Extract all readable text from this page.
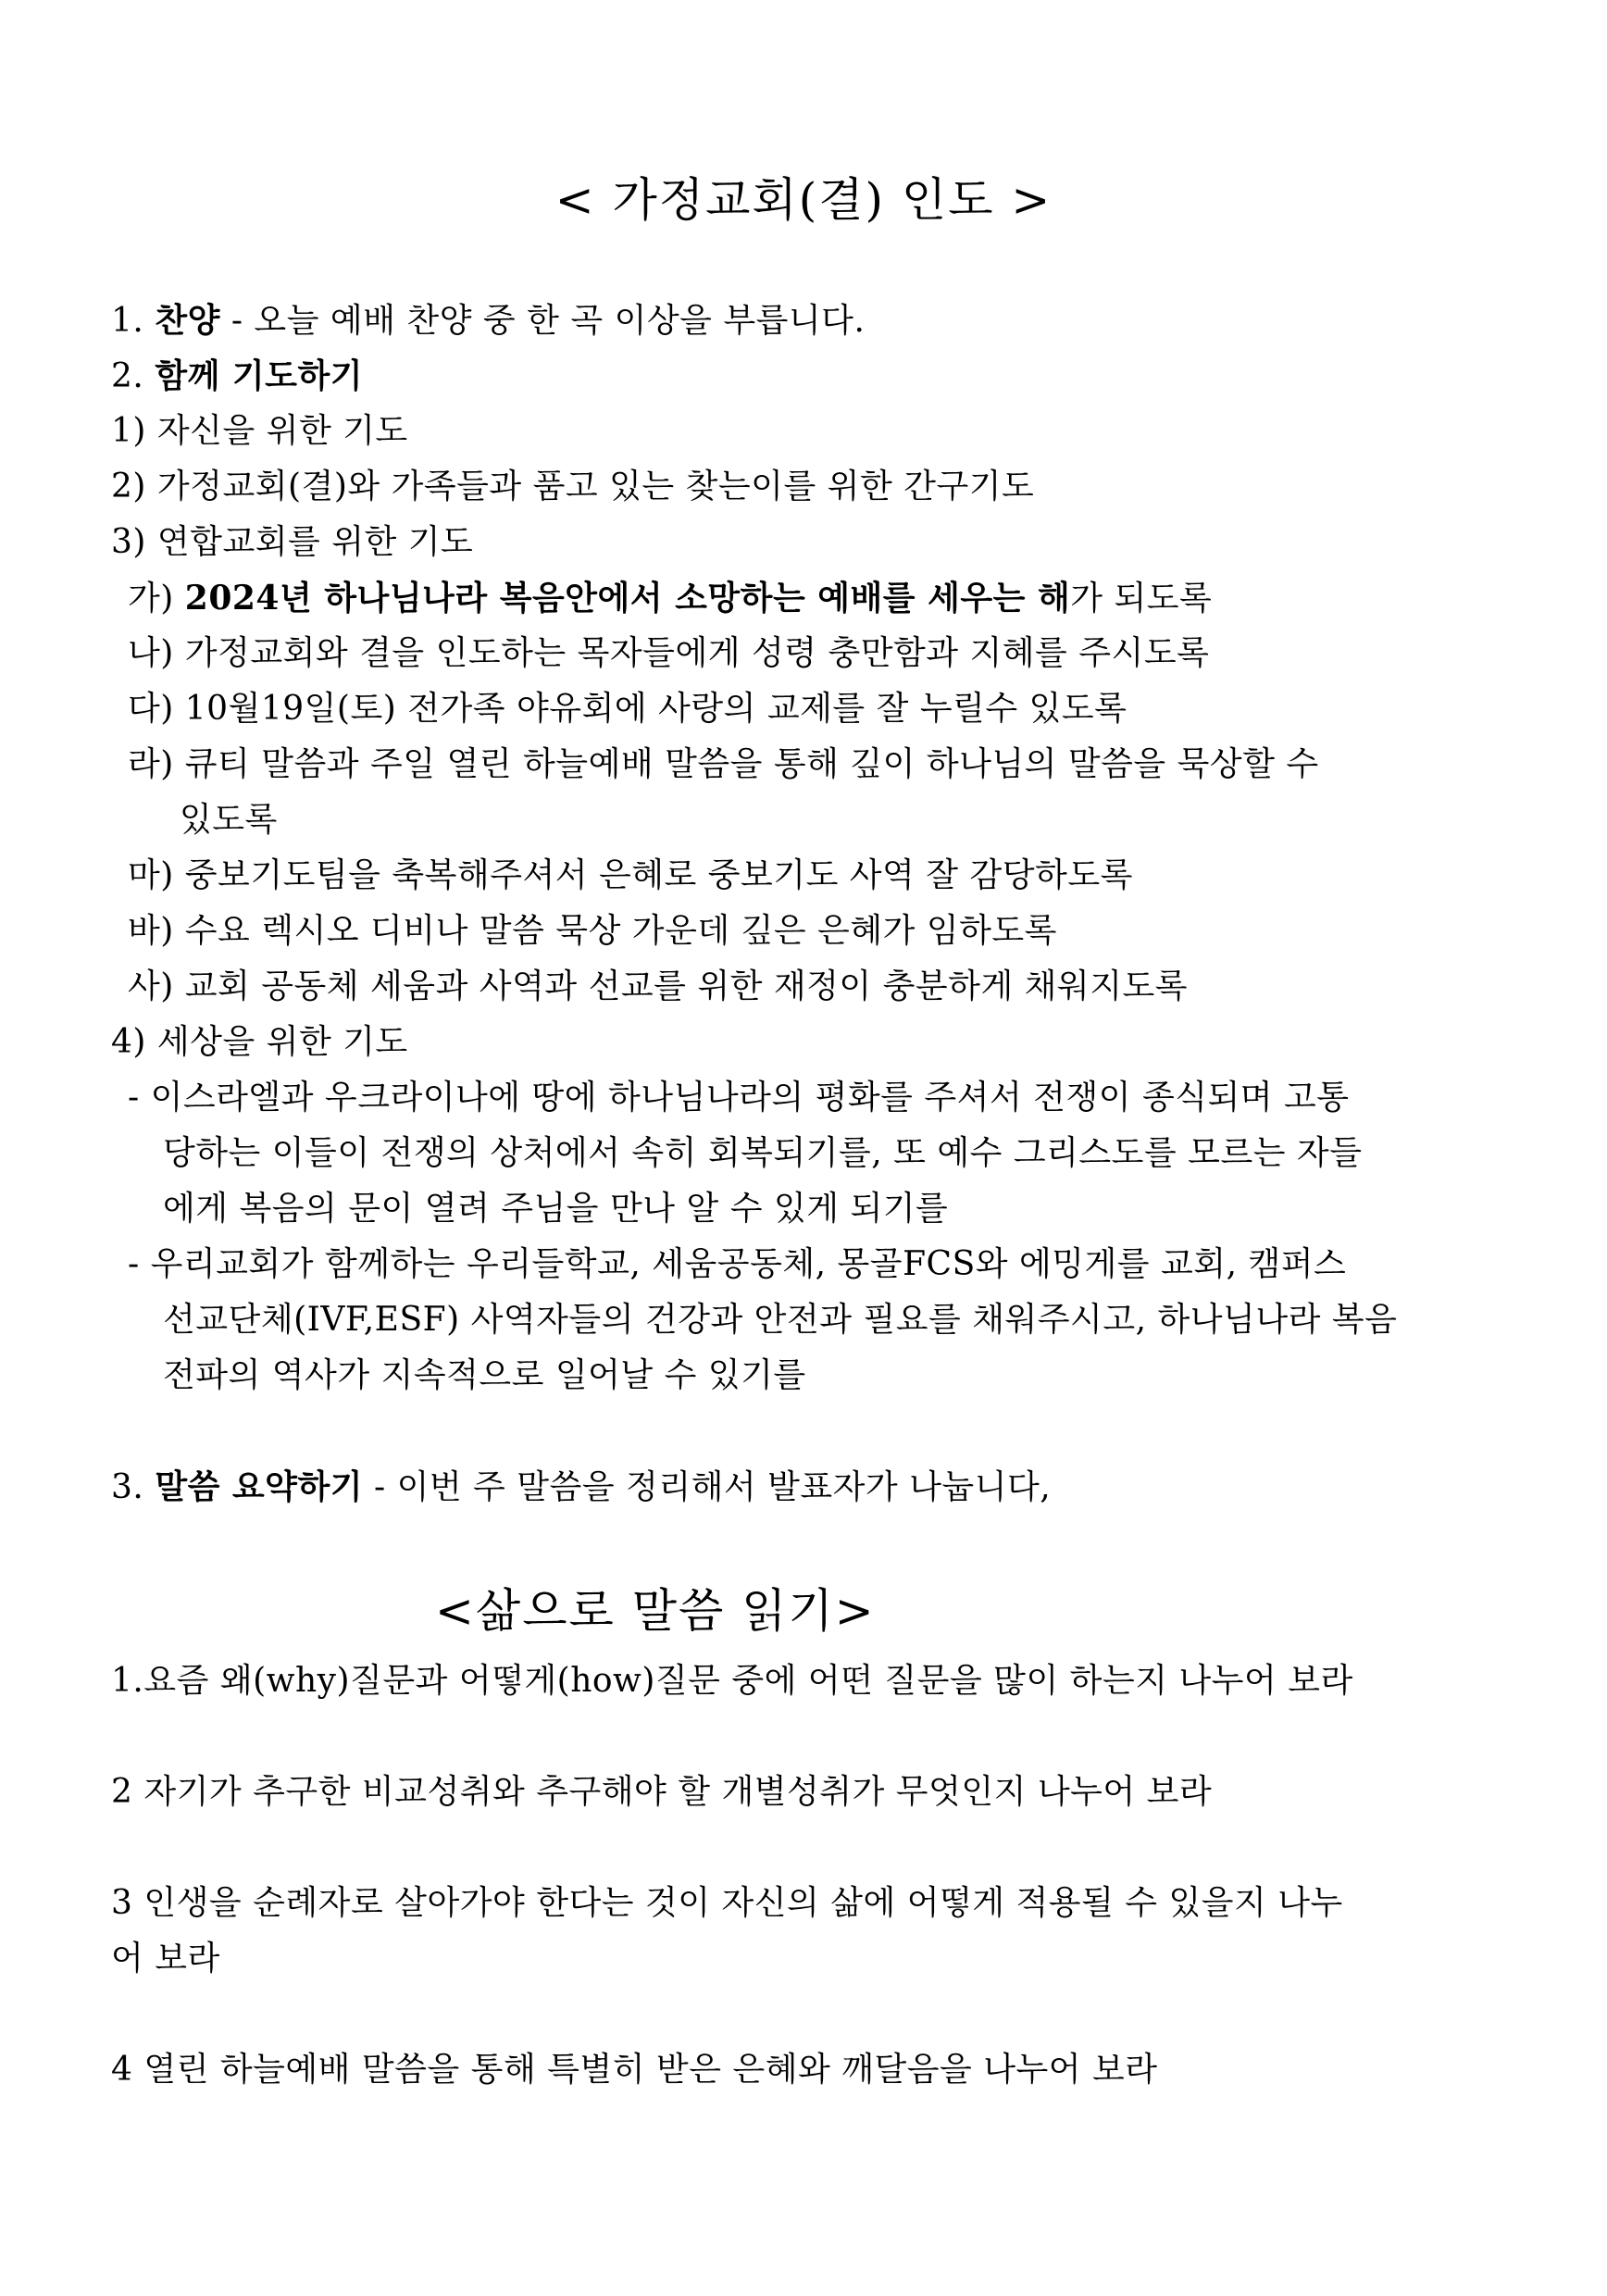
< 가정교회(결) 인도 >
1. 찬양 - 오늘 예배 찬양 중 한 곡 이상을 부릅니다.
2. 함께 기도하기
1) 자신을 위한 기도
2) 가정교회(결)와 가족들과 품고 있는 찾는이를 위한 간구기도
3) 연합교회를 위한 기도
가) 2024년 하나님나라 복음안에서 소망하는 예배를 세우는 해가 되도록
나) 가정교회와 결을 인도하는 목자들에게 성령 충만함과 지혜를 주시도록
다) 10월19일(토) 전가족 야유회에 사랑의 교제를 잘 누릴수 있도록
라) 큐티 말씀과 주일 열린 하늘예배 말씀을 통해 깊이 하나님의 말씀을 묵상할 수
있도록
마) 중보기도팀을 축복해주셔서 은혜로 중보기도 사역 잘 감당하도록
바) 수요 렉시오 디비나 말씀 묵상 가운데 깊은 은혜가 임하도록
사) 교회 공동체 세움과 사역과 선교를 위한 재정이 충분하게 채워지도록
4) 세상을 위한 기도
- 이스라엘과 우크라이나에 땅에 하나님나라의 평화를 주셔서 전쟁이 종식되며 고통
당하는 이들이 전쟁의 상처에서 속히 회복되기를, 또 예수 그리스도를 모르는 자들
에게 복음의 문이 열려 주님을 만나 알 수 있게 되기를
- 우리교회가 함께하는 우리들학교, 세움공동체, 몽골FCS와 에밍게를 교회, 캠퍼스
선교단체(IVF,ESF) 사역자들의 건강과 안전과 필요를 채워주시고, 하나님나라 복음
전파의 역사가 지속적으로 일어날 수 있기를
3. 말씀 요약하기 - 이번 주 말씀을 정리해서 발표자가 나눕니다,
<삶으로 말씀 읽기>
1.요즘 왜(why)질문과 어떻게(how)질문 중에 어떤 질문을 많이 하는지 나누어 보라
2 자기가 추구한 비교성취와 추구해야 할 개별성취가 무엇인지 나누어 보라
3 인생을 순례자로 살아가야 한다는 것이 자신의 삶에 어떻게 적용될 수 있을지 나누
어 보라
4 열린 하늘예배 말씀을 통해 특별히 받은 은혜와 깨달음을 나누어 보라
